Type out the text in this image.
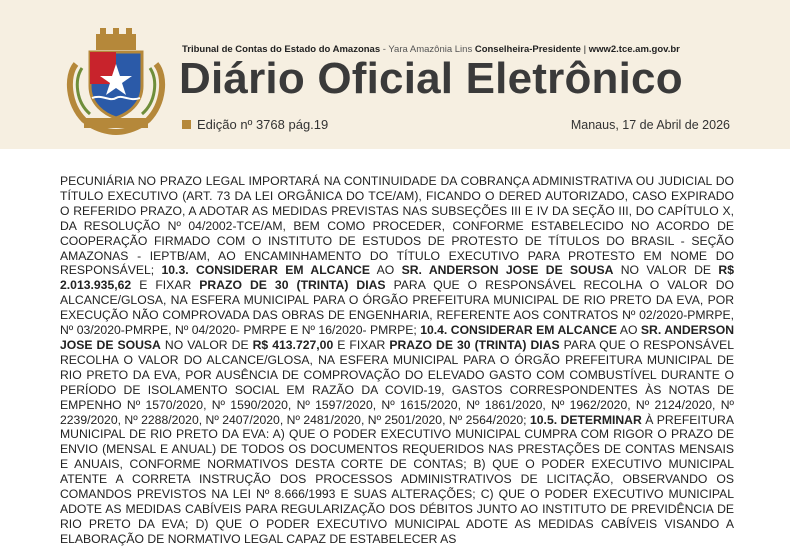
Tribunal de Contas do Estado do Amazonas - Yara Amazônia Lins Conselheira-Presidente | www2.tce.am.gov.br
Diário Oficial Eletrônico
Edição nº 3768 pág.19	Manaus, 17 de Abril de 2026
PECUNIÁRIA NO PRAZO LEGAL IMPORTARÁ NA CONTINUIDADE DA COBRANÇA ADMINISTRATIVA OU JUDICIAL DO TÍTULO EXECUTIVO (ART. 73 DA LEI ORGÂNICA DO TCE/AM), FICANDO O DERED AUTORIZADO, CASO EXPIRADO O REFERIDO PRAZO, A ADOTAR AS MEDIDAS PREVISTAS NAS SUBSEÇÕES III E IV DA SEÇÃO III, DO CAPÍTULO X, DA RESOLUÇÃO Nº 04/2002-TCE/AM, BEM COMO PROCEDER, CONFORME ESTABELECIDO NO ACORDO DE COOPERAÇÃO FIRMADO COM O INSTITUTO DE ESTUDOS DE PROTESTO DE TÍTULOS DO BRASIL - SEÇÃO AMAZONAS - IEPTB/AM, AO ENCAMINHAMENTO DO TÍTULO EXECUTIVO PARA PROTESTO EM NOME DO RESPONSÁVEL; 10.3. CONSIDERAR EM ALCANCE AO SR. ANDERSON JOSE DE SOUSA NO VALOR DE R$ 2.013.935,62 E FIXAR PRAZO DE 30 (TRINTA) DIAS PARA QUE O RESPONSÁVEL RECOLHA O VALOR DO ALCANCE/GLOSA, NA ESFERA MUNICIPAL PARA O ÓRGÃO PREFEITURA MUNICIPAL DE RIO PRETO DA EVA, POR EXECUÇÃO NÃO COMPROVADA DAS OBRAS DE ENGENHARIA, REFERENTE AOS CONTRATOS Nº 02/2020-PMRPE, Nº 03/2020-PMRPE, Nº 04/2020- PMRPE E Nº 16/2020- PMRPE; 10.4. CONSIDERAR EM ALCANCE AO SR. ANDERSON JOSE DE SOUSA NO VALOR DE R$ 413.727,00 E FIXAR PRAZO DE 30 (TRINTA) DIAS PARA QUE O RESPONSÁVEL RECOLHA O VALOR DO ALCANCE/GLOSA, NA ESFERA MUNICIPAL PARA O ÓRGÃO PREFEITURA MUNICIPAL DE RIO PRETO DA EVA, POR AUSÊNCIA DE COMPROVAÇÃO DO ELEVADO GASTO COM COMBUSTÍVEL DURANTE O PERÍODO DE ISOLAMENTO SOCIAL EM RAZÃO DA COVID-19, GASTOS CORRESPONDENTES ÀS NOTAS DE EMPENHO Nº 1570/2020, Nº 1590/2020, Nº 1597/2020, Nº 1615/2020, Nº 1861/2020, Nº 1962/2020, Nº 2124/2020, Nº 2239/2020, Nº 2288/2020, Nº 2407/2020, Nº 2481/2020, Nº 2501/2020, Nº 2564/2020; 10.5. DETERMINAR À PREFEITURA MUNICIPAL DE RIO PRETO DA EVA: A) QUE O PODER EXECUTIVO MUNICIPAL CUMPRA COM RIGOR O PRAZO DE ENVIO (MENSAL E ANUAL) DE TODOS OS DOCUMENTOS REQUERIDOS NAS PRESTAÇÕES DE CONTAS MENSAIS E ANUAIS, CONFORME NORMATIVOS DESTA CORTE DE CONTAS; B) QUE O PODER EXECUTIVO MUNICIPAL ATENTE A CORRETA INSTRUÇÃO DOS PROCESSOS ADMINISTRATIVOS DE LICITAÇÃO, OBSERVANDO OS COMANDOS PREVISTOS NA LEI Nº 8.666/1993 E SUAS ALTERAÇÕES; C) QUE O PODER EXECUTIVO MUNICIPAL ADOTE AS MEDIDAS CABÍVEIS PARA REGULARIZAÇÃO DOS DÉBITOS JUNTO AO INSTITUTO DE PREVIDÊNCIA DE RIO PRETO DA EVA; D) QUE O PODER EXECUTIVO MUNICIPAL ADOTE AS MEDIDAS CABÍVEIS VISANDO A ELABORAÇÃO DE NORMATIVO LEGAL CAPAZ DE ESTABELECER AS
